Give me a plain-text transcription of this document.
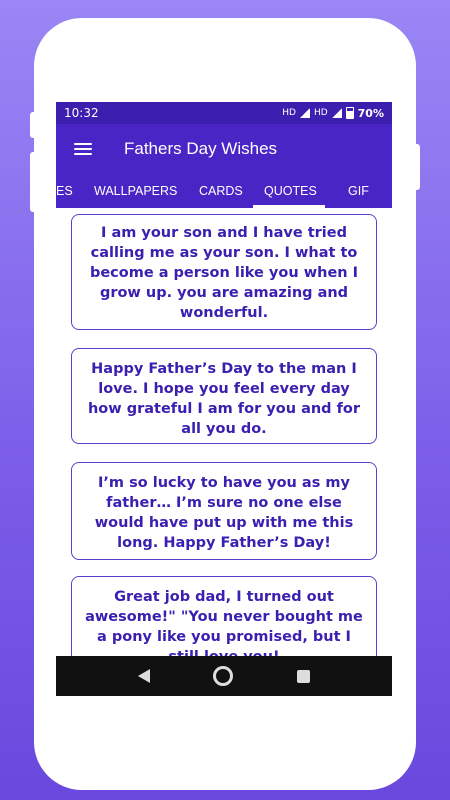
10:32	HD HD	70%
Fathers Day Wishes
ES WALLPAPERS CARDS QUOTES GIF
I am your son and I have tried calling me as your son. I what to become a person like you when I grow up. you are amazing and wonderful.
Happy Father’s Day to the man I love. I hope you feel every day how grateful I am for you and for all you do.
I’m so lucky to have you as my father… I’m sure no one else would have put up with me this long. Happy Father’s Day!
Great job dad, I turned out awesome!" "You never bought me a pony like you promised, but I
